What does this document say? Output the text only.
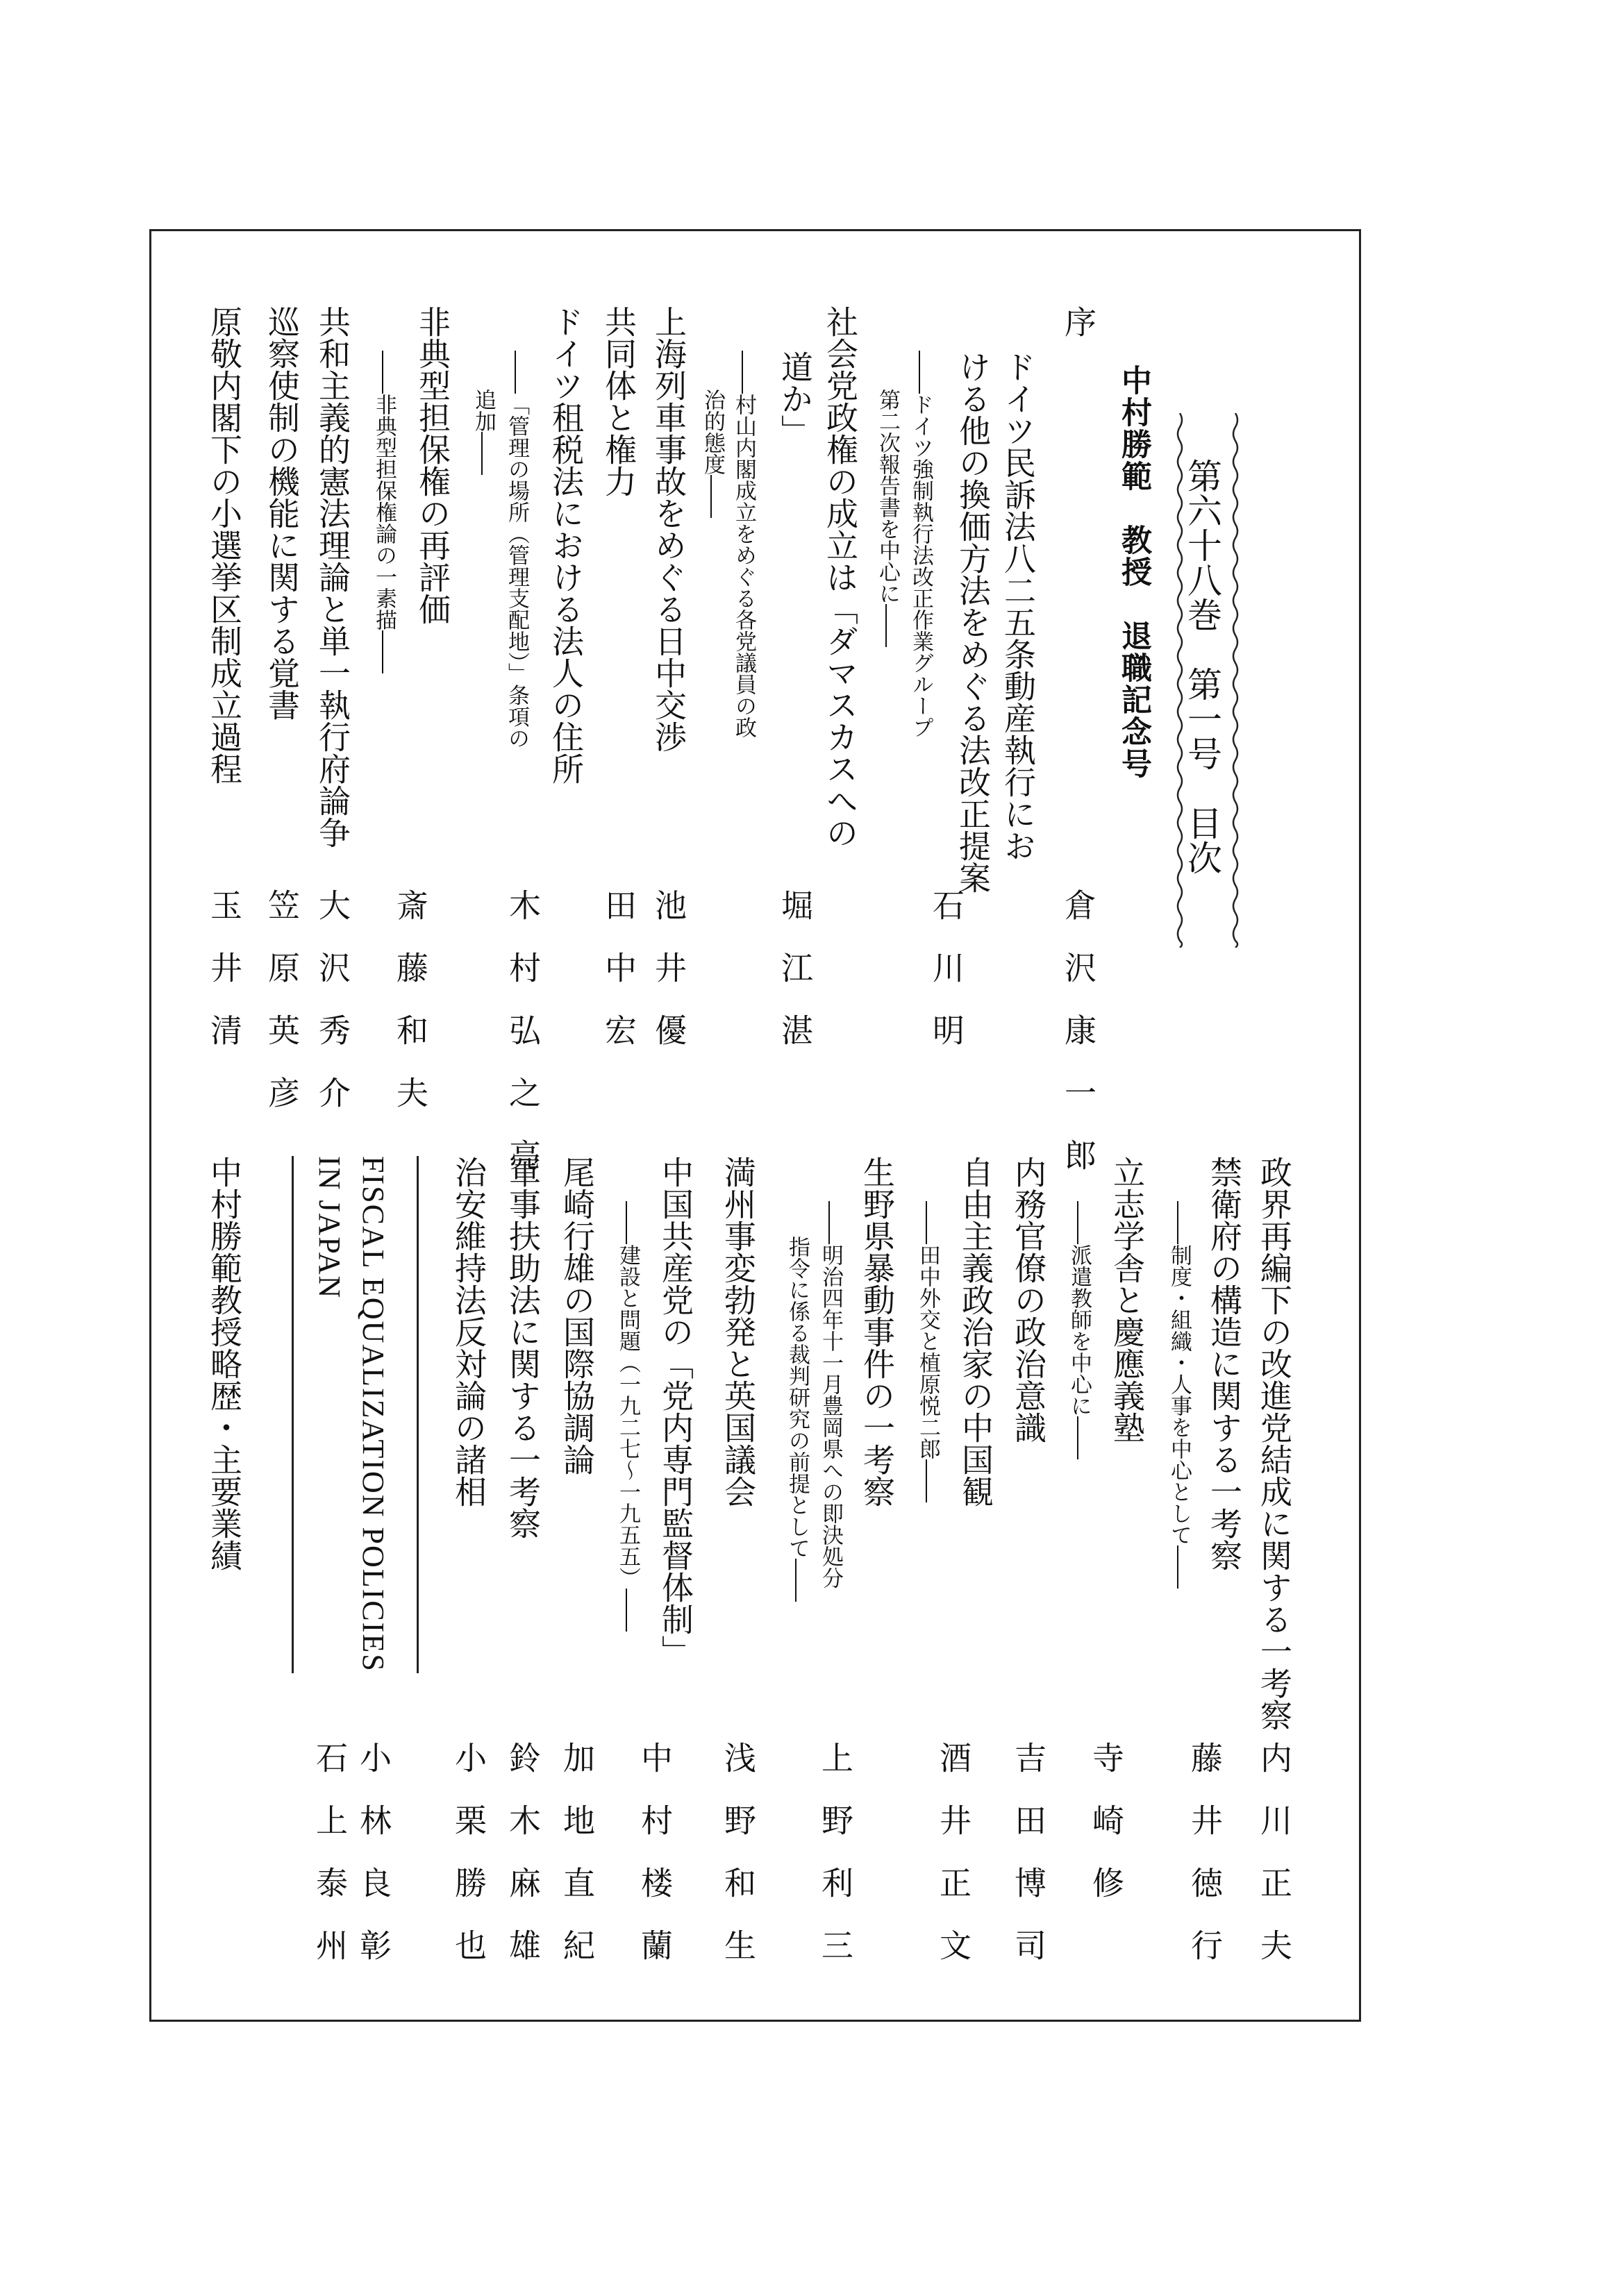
第六十八巻　第一号　目次
中村勝範　教授　退職記念号
序
倉沢康一郎
ドイツ民訴法八二五条動産執行にお
ける他の換価方法をめぐる法改正提案
――ドイツ強制執行法改正作業グループ
第二次報告書を中心に――
石川明
社会党政権の成立は「ダマスカスへの
道か」
――村山内閣成立をめぐる各党議員の政
治的態度――
堀江湛
上海列車事故をめぐる日中交渉
池井優
共同体と権力
田中宏
ドイツ租税法における法人の住所
――「管理の場所（管理支配地）」条項の
追加――
木村弘之亮
非典型担保権の再評価
――非典型担保権論の一素描――
斎藤和夫
共和主義的憲法理論と単一執行府論争
大沢秀介
巡察使制の機能に関する覚書
笠原英彦
原敬内閣下の小選挙区制成立過程
玉井清
政界再編下の改進党結成に関する一考察
内川正夫
禁衛府の構造に関する一考察
――制度・組織・人事を中心として――
藤井徳行
立志学舎と慶應義塾
――派遣教師を中心に――
寺崎修
内務官僚の政治意識
吉田博司
自由主義政治家の中国観
――田中外交と植原悦二郎――
酒井正文
生野県暴動事件の一考察
――明治四年十一月豊岡県への即決処分
指令に係る裁判研究の前提として――
上野利三
満州事変勃発と英国議会
浅野和生
中国共産党の「党内専門監督体制」
――建設と問題（一九二七～一九五五）――
中村楼蘭
尾崎行雄の国際協調論
加地直紀
軍事扶助法に関する一考察
鈴木麻雄
治安維持法反対論の諸相
小栗勝也
FISCAL EQUALIZATION POLICIES
IN JAPAN
小林良彰
石上泰州
中村勝範教授略歴・主要業績
